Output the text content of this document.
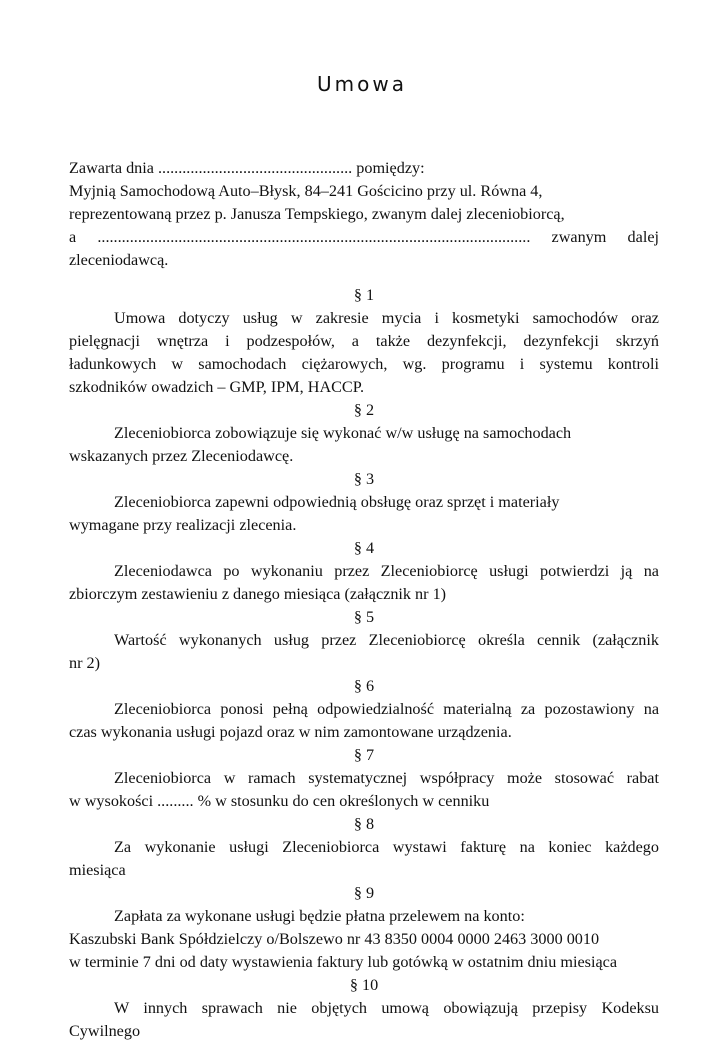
Umowa
Zawarta dnia ................................................ pomiędzy:
Myjnią Samochodową Auto–Błysk, 84–241 Gościcino przy ul. Równa 4,
reprezentowaną przez p. Janusza Tempskiego, zwanym dalej zleceniobiorcą,
a ........................................................................................................... zwanym dalej
zleceniodawcą.
§ 1
Umowa dotyczy usług w zakresie mycia i kosmetyki samochodów oraz
pielęgnacji wnętrza i podzespołów, a także dezynfekcji, dezynfekcji skrzyń
ładunkowych w samochodach ciężarowych, wg. programu i systemu kontroli
szkodników owadzich – GMP, IPM, HACCP.
§ 2
Zleceniobiorca zobowiązuje się wykonać w/w usługę na samochodach
wskazanych przez Zleceniodawcę.
§ 3
Zleceniobiorca zapewni odpowiednią obsługę oraz sprzęt i materiały
wymagane przy realizacji zlecenia.
§ 4
Zleceniodawca po wykonaniu przez Zleceniobiorcę usługi potwierdzi ją na
zbiorczym zestawieniu z danego miesiąca (załącznik nr 1)
§ 5
Wartość wykonanych usług przez Zleceniobiorcę określa cennik (załącznik
nr 2)
§ 6
Zleceniobiorca ponosi pełną odpowiedzialność materialną za pozostawiony na
czas wykonania usługi pojazd oraz w nim zamontowane urządzenia.
§ 7
Zleceniobiorca w ramach systematycznej współpracy może stosować rabat
w wysokości ......... % w stosunku do cen określonych w cenniku
§ 8
Za wykonanie usługi Zleceniobiorca wystawi fakturę na koniec każdego
miesiąca
§ 9
Zapłata za wykonane usługi będzie płatna przelewem na konto:
Kaszubski Bank Spółdzielczy o/Bolszewo nr 43 8350 0004 0000 2463 3000 0010
w terminie 7 dni od daty wystawienia faktury lub gotówką w ostatnim dniu miesiąca
§ 10
W innych sprawach nie objętych umową obowiązują przepisy Kodeksu
Cywilnego
